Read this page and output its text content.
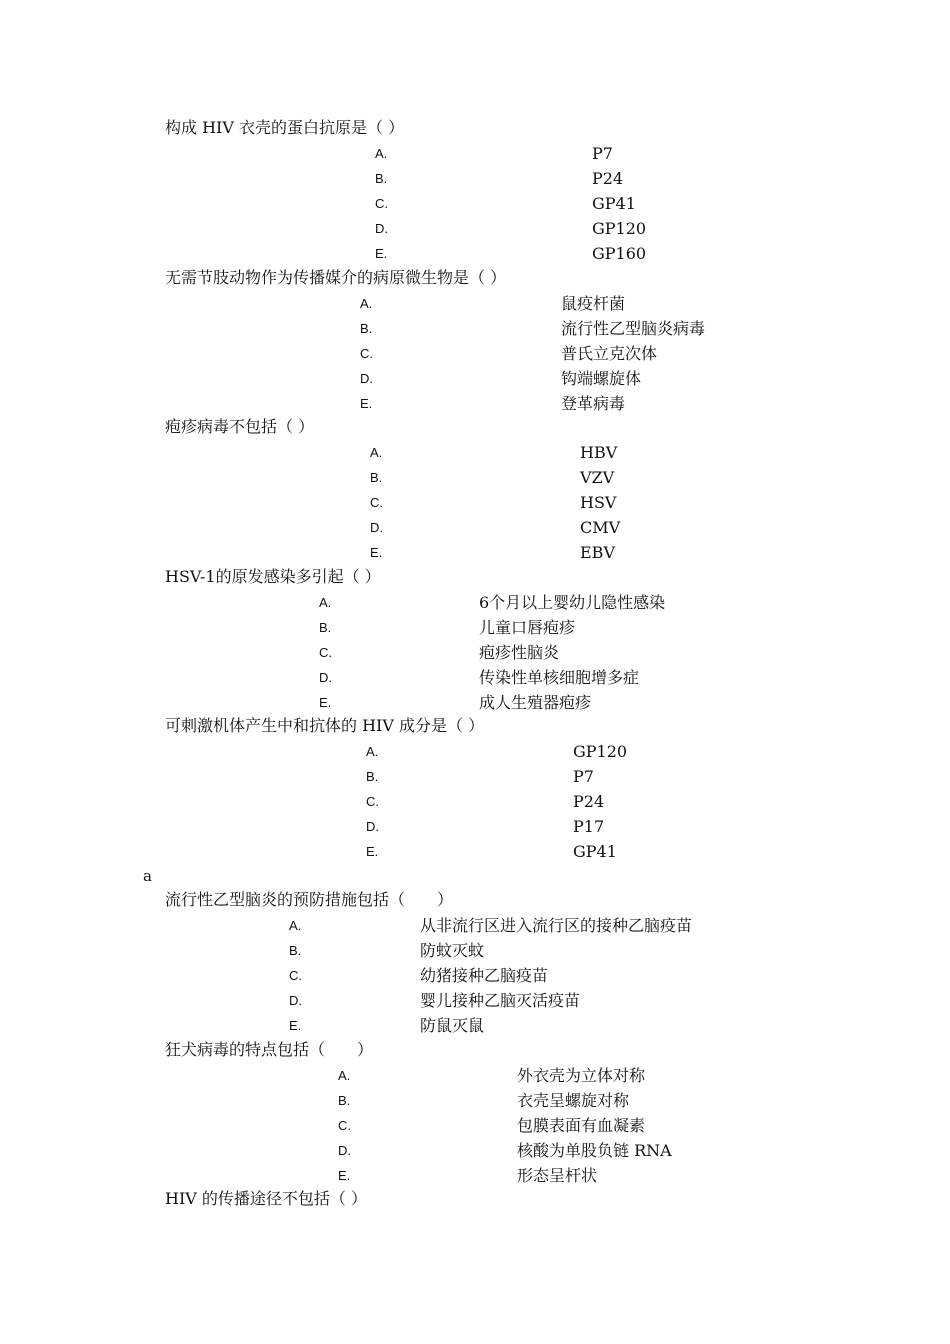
构成 HIV 衣壳的蛋白抗原是（ ）
A.	P7
B.	P24
C.	GP41
D.	GP120
E.	GP160
无需节肢动物作为传播媒介的病原微生物是（ ）
A.	鼠疫杆菌
B.	流行性乙型脑炎病毒
C.	普氏立克次体
D.	钩端螺旋体
E.	登革病毒
疱疹病毒不包括（ ）
A.	HBV
B.	VZV
C.	HSV
D.	CMV
E.	EBV
HSV-1的原发感染多引起（ ）
A.	6个月以上婴幼儿隐性感染
B.	儿童口唇疱疹
C.	疱疹性脑炎
D.	传染性单核细胞增多症
E.	成人生殖器疱疹
可刺激机体产生中和抗体的 HIV 成分是（ ）
A.	GP120
B.	P7
C.	P24
D.	P17
E.	GP41
a
流行性乙型脑炎的预防措施包括（　　）
A.	从非流行区进入流行区的接种乙脑疫苗
B.	防蚊灭蚊
C.	幼猪接种乙脑疫苗
D.	婴儿接种乙脑灭活疫苗
E.	防鼠灭鼠
狂犬病毒的特点包括（　　）
A.	外衣壳为立体对称
B.	衣壳呈螺旋对称
C.	包膜表面有血凝素
D.	核酸为单股负链 RNA
E.	形态呈杆状
HIV 的传播途径不包括（ ）
